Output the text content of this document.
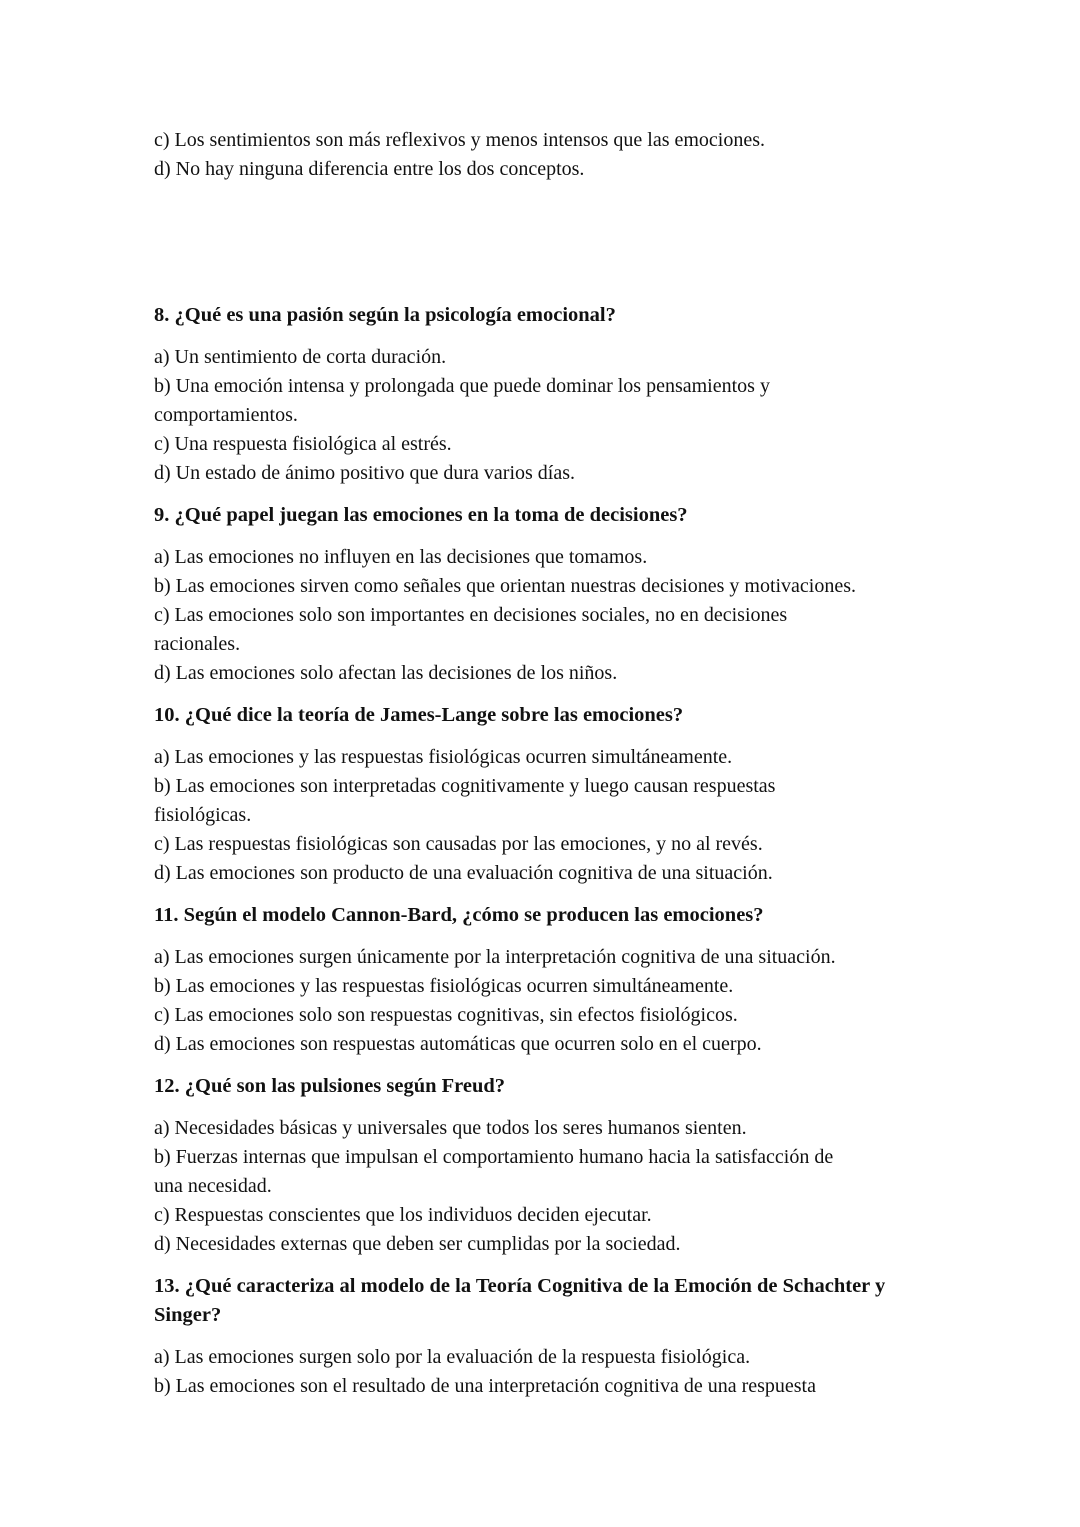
c) Los sentimientos son más reflexivos y menos intensos que las emociones.
d) No hay ninguna diferencia entre los dos conceptos.
8. ¿Qué es una pasión según la psicología emocional?
a) Un sentimiento de corta duración.
b) Una emoción intensa y prolongada que puede dominar los pensamientos y
comportamientos.
c) Una respuesta fisiológica al estrés.
d) Un estado de ánimo positivo que dura varios días.
9. ¿Qué papel juegan las emociones en la toma de decisiones?
a) Las emociones no influyen en las decisiones que tomamos.
b) Las emociones sirven como señales que orientan nuestras decisiones y motivaciones.
c) Las emociones solo son importantes en decisiones sociales, no en decisiones
racionales.
d) Las emociones solo afectan las decisiones de los niños.
10. ¿Qué dice la teoría de James-Lange sobre las emociones?
a) Las emociones y las respuestas fisiológicas ocurren simultáneamente.
b) Las emociones son interpretadas cognitivamente y luego causan respuestas
fisiológicas.
c) Las respuestas fisiológicas son causadas por las emociones, y no al revés.
d) Las emociones son producto de una evaluación cognitiva de una situación.
11. Según el modelo Cannon-Bard, ¿cómo se producen las emociones?
a) Las emociones surgen únicamente por la interpretación cognitiva de una situación.
b) Las emociones y las respuestas fisiológicas ocurren simultáneamente.
c) Las emociones solo son respuestas cognitivas, sin efectos fisiológicos.
d) Las emociones son respuestas automáticas que ocurren solo en el cuerpo.
12. ¿Qué son las pulsiones según Freud?
a) Necesidades básicas y universales que todos los seres humanos sienten.
b) Fuerzas internas que impulsan el comportamiento humano hacia la satisfacción de
una necesidad.
c) Respuestas conscientes que los individuos deciden ejecutar.
d) Necesidades externas que deben ser cumplidas por la sociedad.
13. ¿Qué caracteriza al modelo de la Teoría Cognitiva de la Emoción de Schachter y Singer?
a) Las emociones surgen solo por la evaluación de la respuesta fisiológica.
b) Las emociones son el resultado de una interpretación cognitiva de una respuesta
